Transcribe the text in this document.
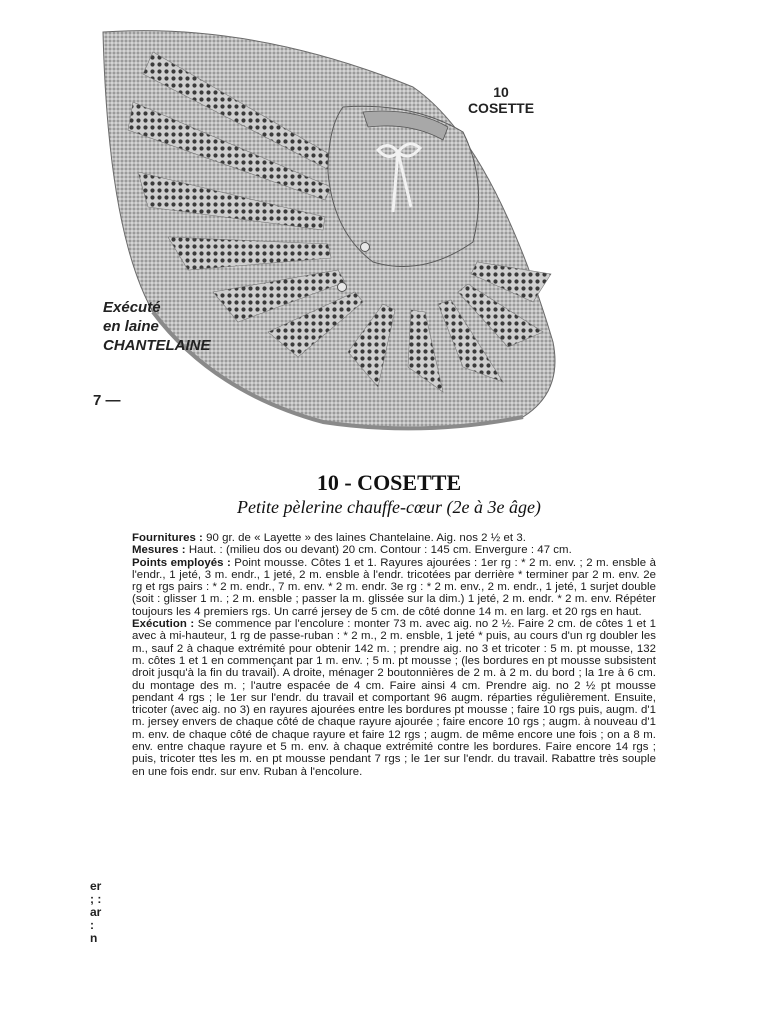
10
COSETTE
Exécuté
en laine
CHANTELAINE
7 —
10 - COSETTE
Petite pèlerine chauffe-cœur (2e à 3e âge)

Fournitures : 90 gr. de « Layette » des laines Chantelaine. Aig. nos 2 ½ et 3.

Mesures : Haut. : (milieu dos ou devant) 20 cm. Contour : 145 cm. Envergure : 47 cm.

Points employés : Point mousse. Côtes 1 et 1. Rayures ajourées : 1er rg : * 2 m. env. ; 2 m. ensble à l'endr., 1 jeté, 3 m. endr., 1 jeté, 2 m. ensble à l'endr. tricotées par derrière * terminer par 2 m. env. 2e rg et rgs pairs : * 2 m. endr., 7 m. env. * 2 m. endr. 3e rg : * 2 m. env., 2 m. endr., 1 jeté, 1 surjet double (soit : glisser 1 m. ; 2 m. ensble ; passer la m. glissée sur la dim.) 1 jeté, 2 m. endr. * 2 m. env. Répéter toujours les 4 premiers rgs. Un carré jersey de 5 cm. de côté donne 14 m. en larg. et 20 rgs en haut.

Exécution : Se commence par l'encolure : monter 73 m. avec aig. no 2 ½. Faire 2 cm. de côtes 1 et 1 avec à mi-hauteur, 1 rg de passe-ruban : * 2 m., 2 m. ensble, 1 jeté * puis, au cours d'un rg doubler les m., sauf 2 à chaque extrémité pour obtenir 142 m. ; prendre aig. no 3 et tricoter : 5 m. pt mousse, 132 m. côtes 1 et 1 en commençant par 1 m. env. ; 5 m. pt mousse ; (les bordures en pt mousse subsistent droit jusqu'à la fin du travail). A droite, ménager 2 boutonnières de 2 m. à 2 m. du bord ; la 1re à 6 cm. du montage des m. ; l'autre espacée de 4 cm. Faire ainsi 4 cm. Prendre aig. no 2 ½ pt mousse pendant 4 rgs ; le 1er sur l'endr. du travail et comportant 96 augm. réparties régulièrement. Ensuite, tricoter (avec aig. no 3) en rayures ajourées entre les bordures pt mousse ; faire 10 rgs puis, augm. d'1 m. jersey envers de chaque côté de chaque rayure ajourée ; faire encore 10 rgs ; augm. à nouveau d'1 m. env. de chaque côté de chaque rayure et faire 12 rgs ; augm. de même encore une fois ; on a 8 m. env. entre chaque rayure et 5 m. env. à chaque extrémité contre les bordures. Faire encore 14 rgs ; puis, tricoter ttes les m. en pt mousse pendant 7 rgs ; le 1er sur l'endr. du travail. Rabattre très souple en une fois endr. sur env. Ruban à l'encolure.

er
; :
ar
:
n
